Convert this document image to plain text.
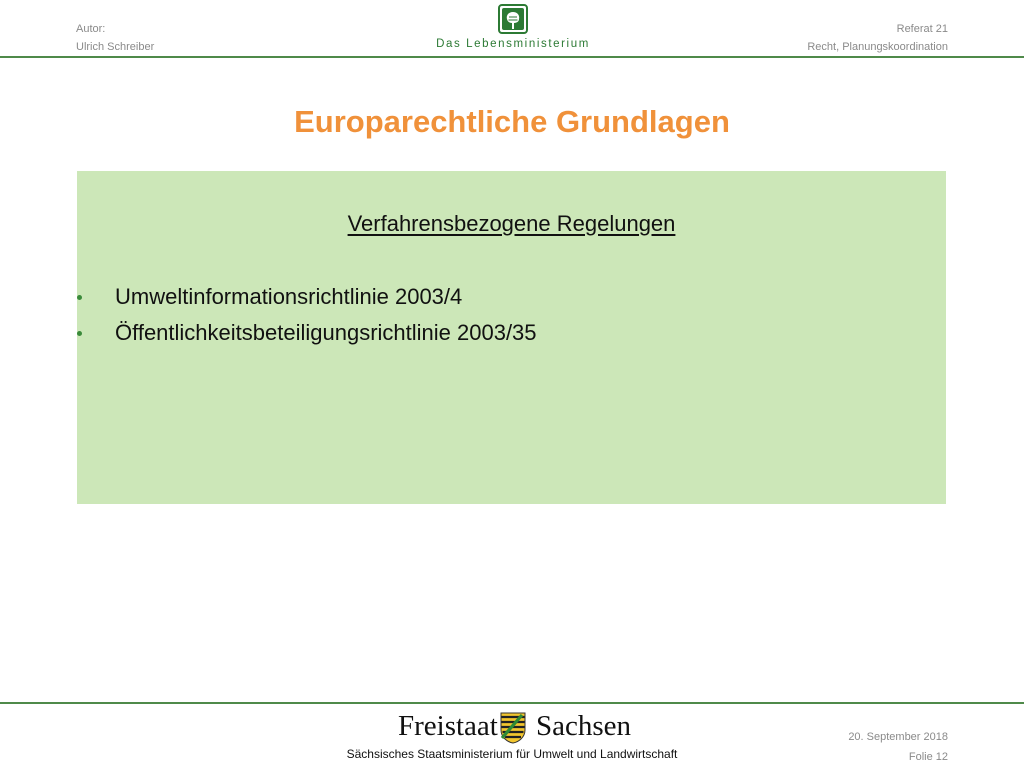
Autor:
Ulrich Schreiber	Das Lebensministerium
Referat 21
Recht, Planungskoordination
Europarechtliche Grundlagen
Verfahrensbezogene Regelungen
Umweltinformationsrichtlinie 2003/4
Öffentlichkeitsbeteiligungsrichtlinie 2003/35
Freistaat Sachsen
Sächsisches Staatsministerium für Umwelt und Landwirtschaft
20. September 2018
Folie 12
